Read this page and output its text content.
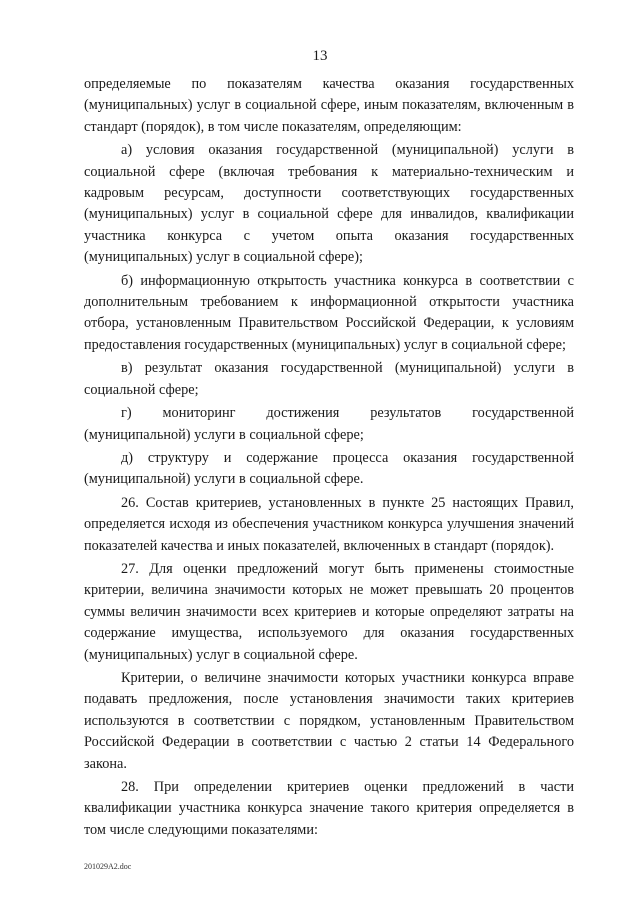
13

определяемые по показателям качества оказания государственных (муниципальных) услуг в социальной сфере, иным показателям, включенным в стандарт (порядок), в том числе показателям, определяющим:

а) условия оказания государственной (муниципальной) услуги в социальной сфере (включая требования к материально-техническим и кадровым ресурсам, доступности соответствующих государственных (муниципальных) услуг в социальной сфере для инвалидов, квалификации участника конкурса с учетом опыта оказания государственных (муниципальных) услуг в социальной сфере);

б) информационную открытость участника конкурса в соответствии с дополнительным требованием к информационной открытости участника отбора, установленным Правительством Российской Федерации, к условиям предоставления государственных (муниципальных) услуг в социальной сфере;

в) результат оказания государственной (муниципальной) услуги в социальной сфере;

г) мониторинг достижения результатов государственной (муниципальной) услуги в социальной сфере;

д) структуру и содержание процесса оказания государственной (муниципальной) услуги в социальной сфере.

26. Состав критериев, установленных в пункте 25 настоящих Правил, определяется исходя из обеспечения участником конкурса улучшения значений показателей качества и иных показателей, включенных в стандарт (порядок).

27. Для оценки предложений могут быть применены стоимостные критерии, величина значимости которых не может превышать 20 процентов суммы величин значимости всех критериев и которые определяют затраты на содержание имущества, используемого для оказания государственных (муниципальных) услуг в социальной сфере.

Критерии, о величине значимости которых участники конкурса вправе подавать предложения, после установления значимости таких критериев используются в соответствии с порядком, установленным Правительством Российской Федерации в соответствии с частью 2 статьи 14 Федерального закона.

28. При определении критериев оценки предложений в части квалификации участника конкурса значение такого критерия определяется в том числе следующими показателями:

201029A2.doc
